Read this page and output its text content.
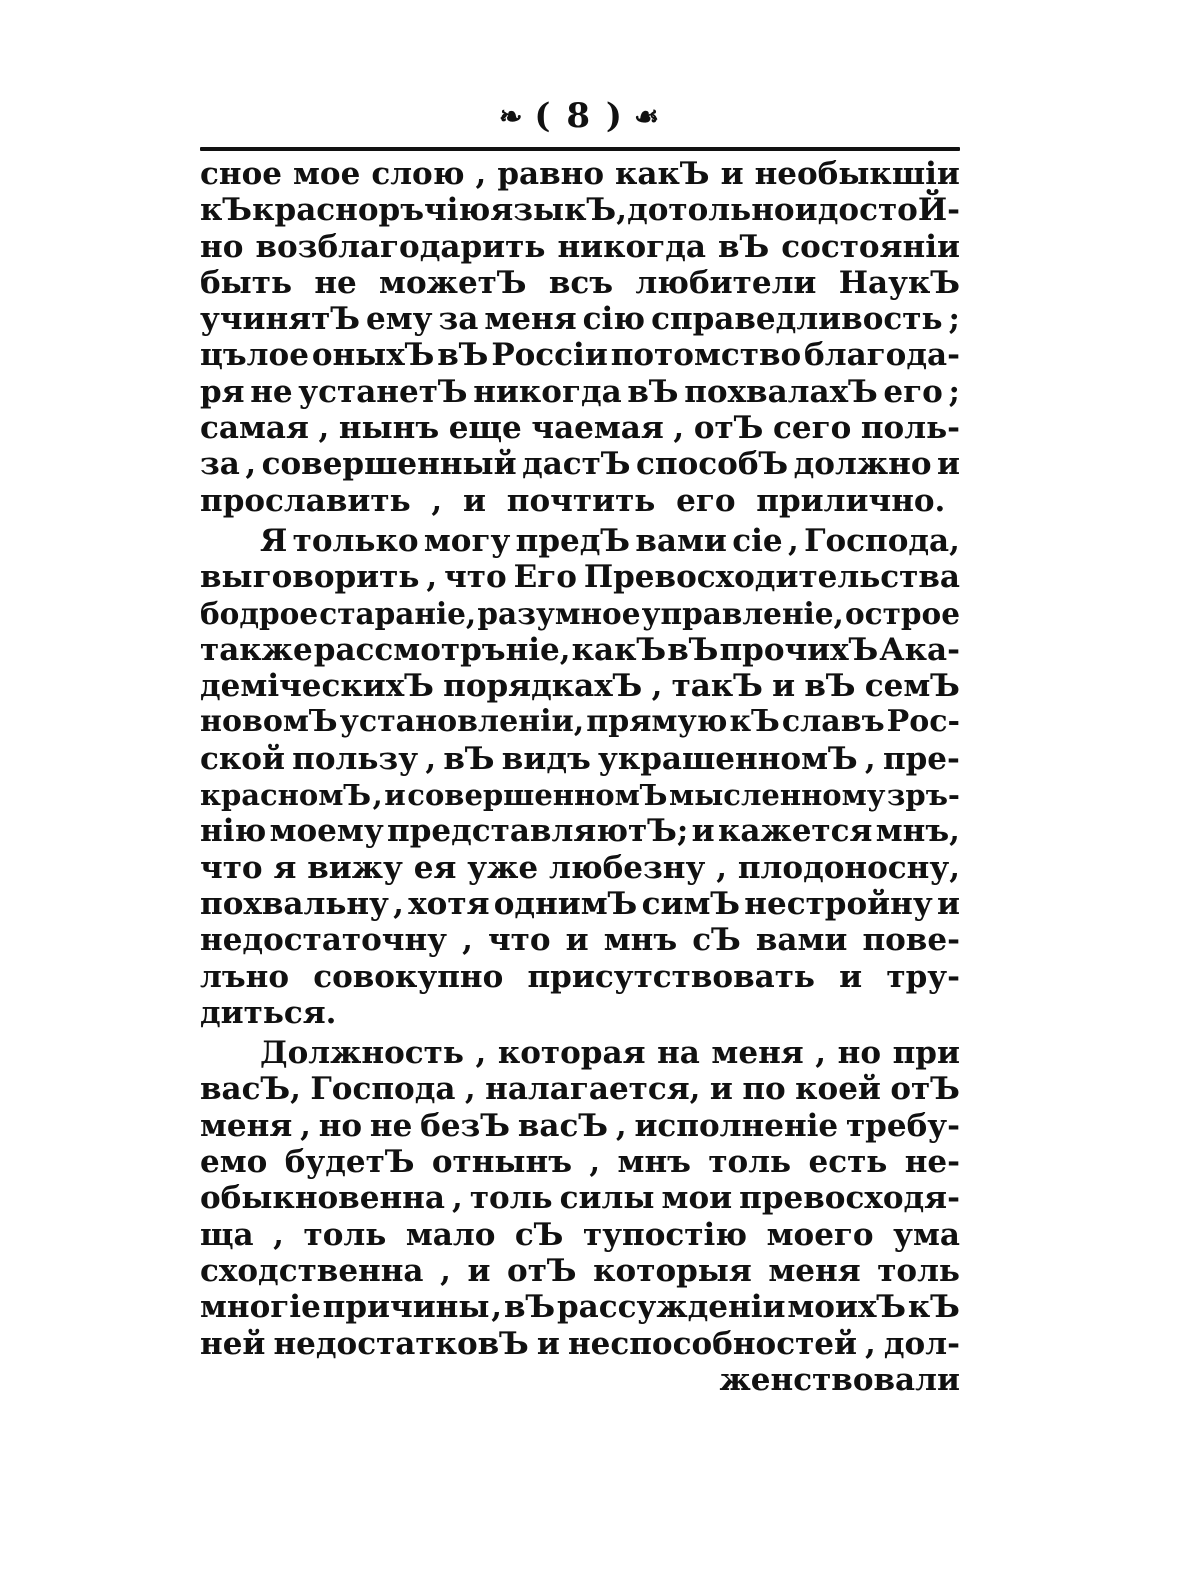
❧ ( 8 ) ☙
сное мое слою , равно какЪ и необыкшiи
кЪ красноръчiю языкЪ , дотольно и достоЙ-
но возблагодарить никогда вЪ состоянiи
быть не можетЪ всъ любители НаукЪ
учинятЪ ему за меня сiю справедливость ;
цълое оныхЪ вЪ Россiи потомство благода-
ря не устанетЪ никогда вЪ похвалахЪ его ;
самая , нынъ еще чаемая , отЪ сего поль-
за , совершенный дастЪ способЪ должно и
прославить , и почтить его прилично.
Я только могу предЪ вами сiе , Господа,
выговорить , что Его Превосходительства
бодрое старанiе, разумное управленiе, острое
также рассмотрънiе, какЪ вЪ прочихЪ Ака-
демiческихЪ порядкахЪ , такЪ и вЪ семЪ
новомЪ установленiи, прямую кЪ славъ Рос-
ской пользу , вЪ видъ украшенномЪ , пре-
красномЪ , и совершенномЪ мысленному зръ-
нiю моему представляютЪ; и кажется мнъ,
что я вижу ея уже любезну , плодоносну,
похвальну , хотя однимЪ симЪ нестройну и
недостаточну , что и мнъ сЪ вами повe-
лъно совокупно присутствовать и тру-
диться.
Должность , которая на меня , но при
васЪ, Господа , налагается, и по коей отЪ
меня , но не безЪ васЪ , исполненiе требу-
емо будетЪ отнынъ , мнъ толь есть не-
обыкновенна , толь силы мои превосходя-
ща , толь мало сЪ тупостiю моего ума
сходственна , и отЪ которыя меня толь
многiе причины , вЪ рассужденiи моихЪ кЪ
ней недостатковЪ и неспособностей , дол-
женствовали
